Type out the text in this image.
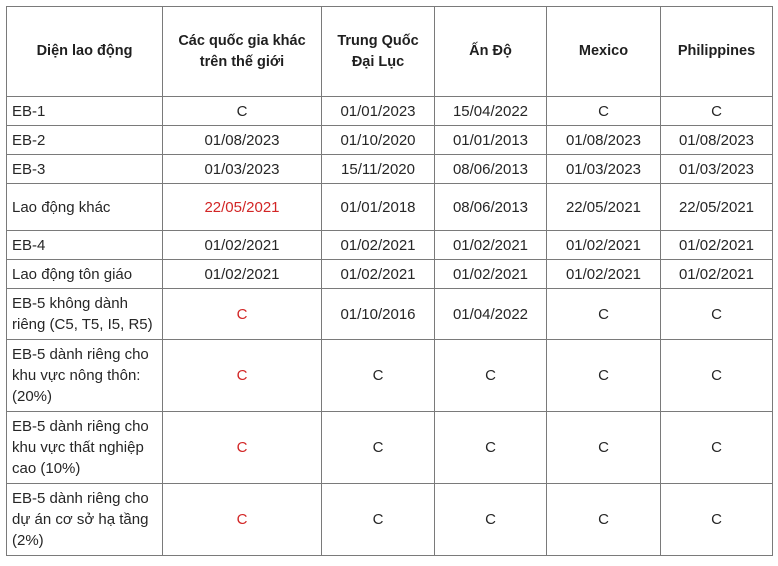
Diện lao động	Các quốc gia khác trên thế giới	Trung Quốc Đại Lục	Ấn Độ	Mexico	Philippines
EB-1	C	01/01/2023	15/04/2022	C	C
EB-2	01/08/2023	01/10/2020	01/01/2013	01/08/2023	01/08/2023
EB-3	01/03/2023	15/11/2020	08/06/2013	01/03/2023	01/03/2023
Lao động khác	22/05/2021	01/01/2018	08/06/2013	22/05/2021	22/05/2021
EB-4	01/02/2021	01/02/2021	01/02/2021	01/02/2021	01/02/2021
Lao động tôn giáo	01/02/2021	01/02/2021	01/02/2021	01/02/2021	01/02/2021
EB-5 không dành riêng (C5, T5, I5, R5)	C	01/10/2016	01/04/2022	C	C
EB-5 dành riêng cho khu vực nông thôn: (20%)	C	C	C	C	C
EB-5 dành riêng cho khu vực thất nghiệp cao (10%)	C	C	C	C	C
EB-5 dành riêng cho dự án cơ sở hạ tầng (2%)	C	C	C	C	C
